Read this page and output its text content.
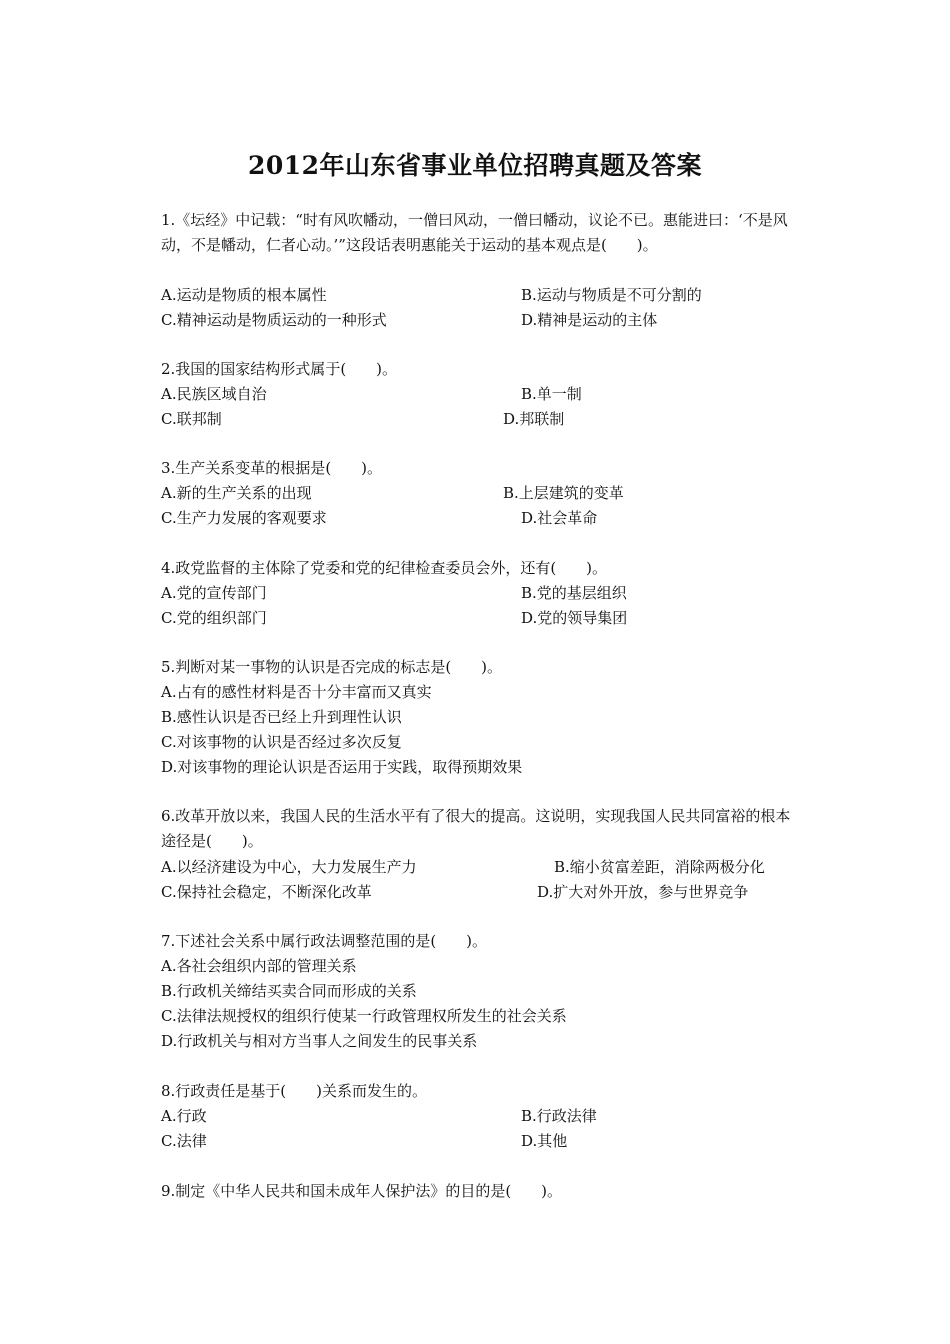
2012年山东省事业单位招聘真题及答案
1.《坛经》中记载：“时有风吹幡动，一僧曰风动，一僧曰幡动，议论不已。惠能进曰：‘不是风动，不是幡动，仁者心动。’”这段话表明惠能关于运动的基本观点是(　　)。
A.运动是物质的根本属性	B.运动与物质是不可分割的
C.精神运动是物质运动的一种形式	D.精神是运动的主体
2.我国的国家结构形式属于(　　)。
A.民族区域自治	B.单一制
C.联邦制	D.邦联制
3.生产关系变革的根据是(　　)。
A.新的生产关系的出现	B.上层建筑的变革
C.生产力发展的客观要求	D.社会革命
4.政党监督的主体除了党委和党的纪律检查委员会外，还有(　　)。
A.党的宣传部门	B.党的基层组织
C.党的组织部门	D.党的领导集团
5.判断对某一事物的认识是否完成的标志是(　　)。
A.占有的感性材料是否十分丰富而又真实
B.感性认识是否已经上升到理性认识
C.对该事物的认识是否经过多次反复
D.对该事物的理论认识是否运用于实践，取得预期效果
6.改革开放以来，我国人民的生活水平有了很大的提高。这说明，实现我国人民共同富裕的根本途径是(　　)。
A.以经济建设为中心，大力发展生产力	B.缩小贫富差距，消除两极分化
C.保持社会稳定，不断深化改革	D.扩大对外开放，参与世界竞争
7.下述社会关系中属行政法调整范围的是(　　)。
A.各社会组织内部的管理关系
B.行政机关缔结买卖合同而形成的关系
C.法律法规授权的组织行使某一行政管理权所发生的社会关系
D.行政机关与相对方当事人之间发生的民事关系
8.行政责任是基于(　　)关系而发生的。
A.行政	B.行政法律
C.法律	D.其他
9.制定《中华人民共和国未成年人保护法》的目的是(　　)。
